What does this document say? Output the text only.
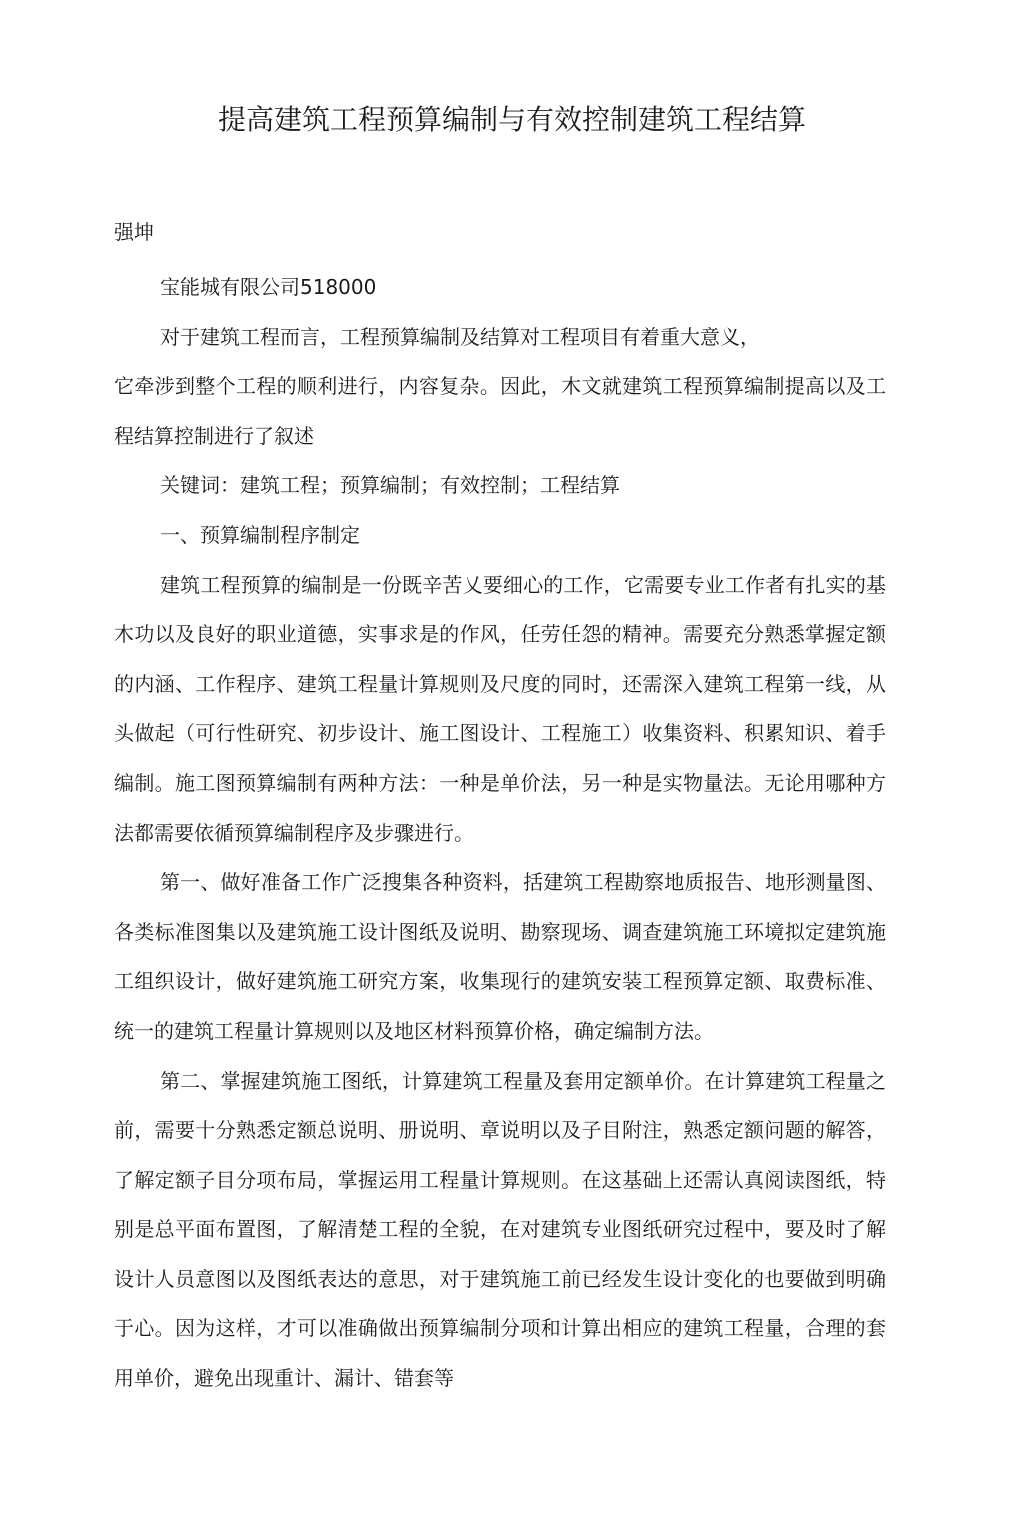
提高建筑工程预算编制与有效控制建筑工程结算
强坤

宝能城有限公司518000

对于建筑工程而言，工程预算编制及结算对工程项目有着重大意义，

它牵涉到整个工程的顺利进行，内容复杂。因此，木文就建筑工程预算编制提高以及工程结算控制进行了叙述

关键词：建筑工程；预算编制；有效控制；工程结算

一、预算编制程序制定

建筑工程预算的编制是一份既辛苦乂要细心的工作，它需要专业工作者有扎实的基木功以及良好的职业道德，实事求是的作风，任劳任怨的精神。需要充分熟悉掌握定额的内涵、工作程序、建筑工程量计算规则及尺度的同时，还需深入建筑工程第一线，从头做起（可行性研究、初步设计、施工图设计、工程施工）收集资料、积累知识、着手编制。施工图预算编制有两种方法：一种是单价法，另一种是实物量法。无论用哪种方法都需要依循预算编制程序及步骤进行。

第一、做好准备工作广泛搜集各种资料，括建筑工程勘察地质报告、地形测量图、各类标准图集以及建筑施工设计图纸及说明、勘察现场、调查建筑施工环境拟定建筑施工组织设计，做好建筑施工研究方案，收集现行的建筑安装工程预算定额、取费标准、统一的建筑工程量计算规则以及地区材料预算价格，确定编制方法。

第二、掌握建筑施工图纸，计算建筑工程量及套用定额单价。在计算建筑工程量之前，需要十分熟悉定额总说明、册说明、章说明以及子目附注，熟悉定额问题的解答，了解定额子目分项布局，掌握运用工程量计算规则。在这基础上还需认真阅读图纸，特别是总平面布置图，了解清楚工程的全貌，在对建筑专业图纸研究过程中，要及时了解设计人员意图以及图纸表达的意思，对于建筑施工前已经发生设计变化的也要做到明确于心。因为这样，才可以准确做出预算编制分项和计算出相应的建筑工程量，合理的套用单价，避免出现重计、漏计、错套等
